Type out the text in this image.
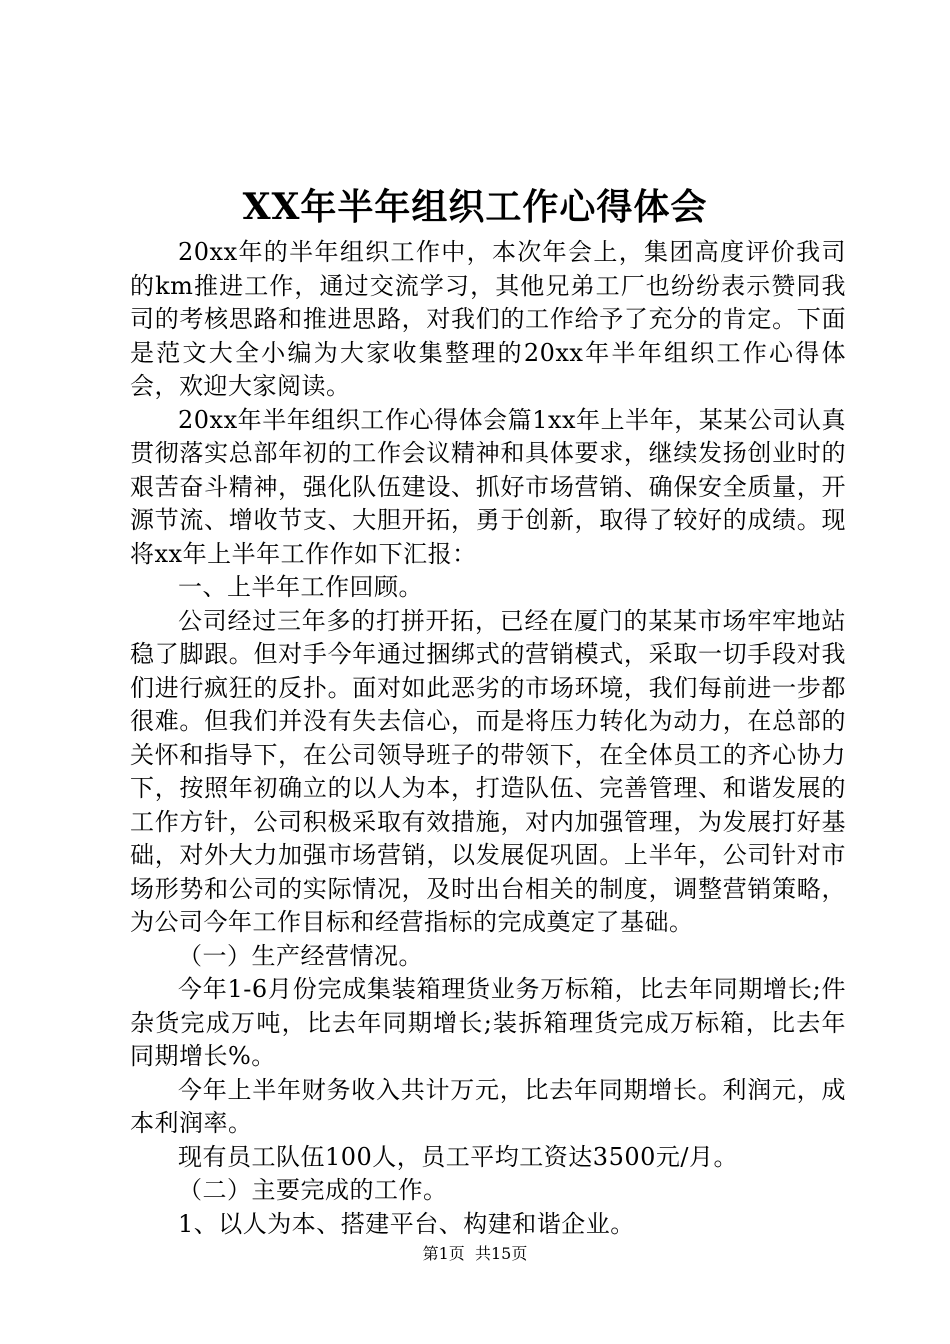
XX年半年组织工作心得体会

20xx年的半年组织工作中，本次年会上，集团高度评价我司的km推进工作，通过交流学习，其他兄弟工厂也纷纷表示赞同我司的考核思路和推进思路，对我们的工作给予了充分的肯定。下面是范文大全小编为大家收集整理的20xx年半年组织工作心得体会，欢迎大家阅读。

20xx年半年组织工作心得体会篇1xx年上半年，某某公司认真贯彻落实总部年初的工作会议精神和具体要求，继续发扬创业时的艰苦奋斗精神，强化队伍建设、抓好市场营销、确保安全质量，开源节流、增收节支、大胆开拓，勇于创新，取得了较好的成绩。现将xx年上半年工作作如下汇报：

一、上半年工作回顾。

公司经过三年多的打拼开拓，已经在厦门的某某市场牢牢地站稳了脚跟。但对手今年通过捆绑式的营销模式，采取一切手段对我们进行疯狂的反扑。面对如此恶劣的市场环境，我们每前进一步都很难。但我们并没有失去信心，而是将压力转化为动力，在总部的关怀和指导下，在公司领导班子的带领下，在全体员工的齐心协力下，按照年初确立的以人为本，打造队伍、完善管理、和谐发展的工作方针，公司积极采取有效措施，对内加强管理，为发展打好基础，对外大力加强市场营销，以发展促巩固。上半年，公司针对市场形势和公司的实际情况，及时出台相关的制度，调整营销策略，为公司今年工作目标和经营指标的完成奠定了基础。

（一）生产经营情况。

今年1-6月份完成集装箱理货业务万标箱，比去年同期增长;件杂货完成万吨，比去年同期增长;装拆箱理货完成万标箱，比去年同期增长%。

今年上半年财务收入共计万元，比去年同期增长。利润元，成本利润率。

现有员工队伍100人，员工平均工资达3500元/月。

（二）主要完成的工作。

1、以人为本、搭建平台、构建和谐企业。

第1页 共15页
